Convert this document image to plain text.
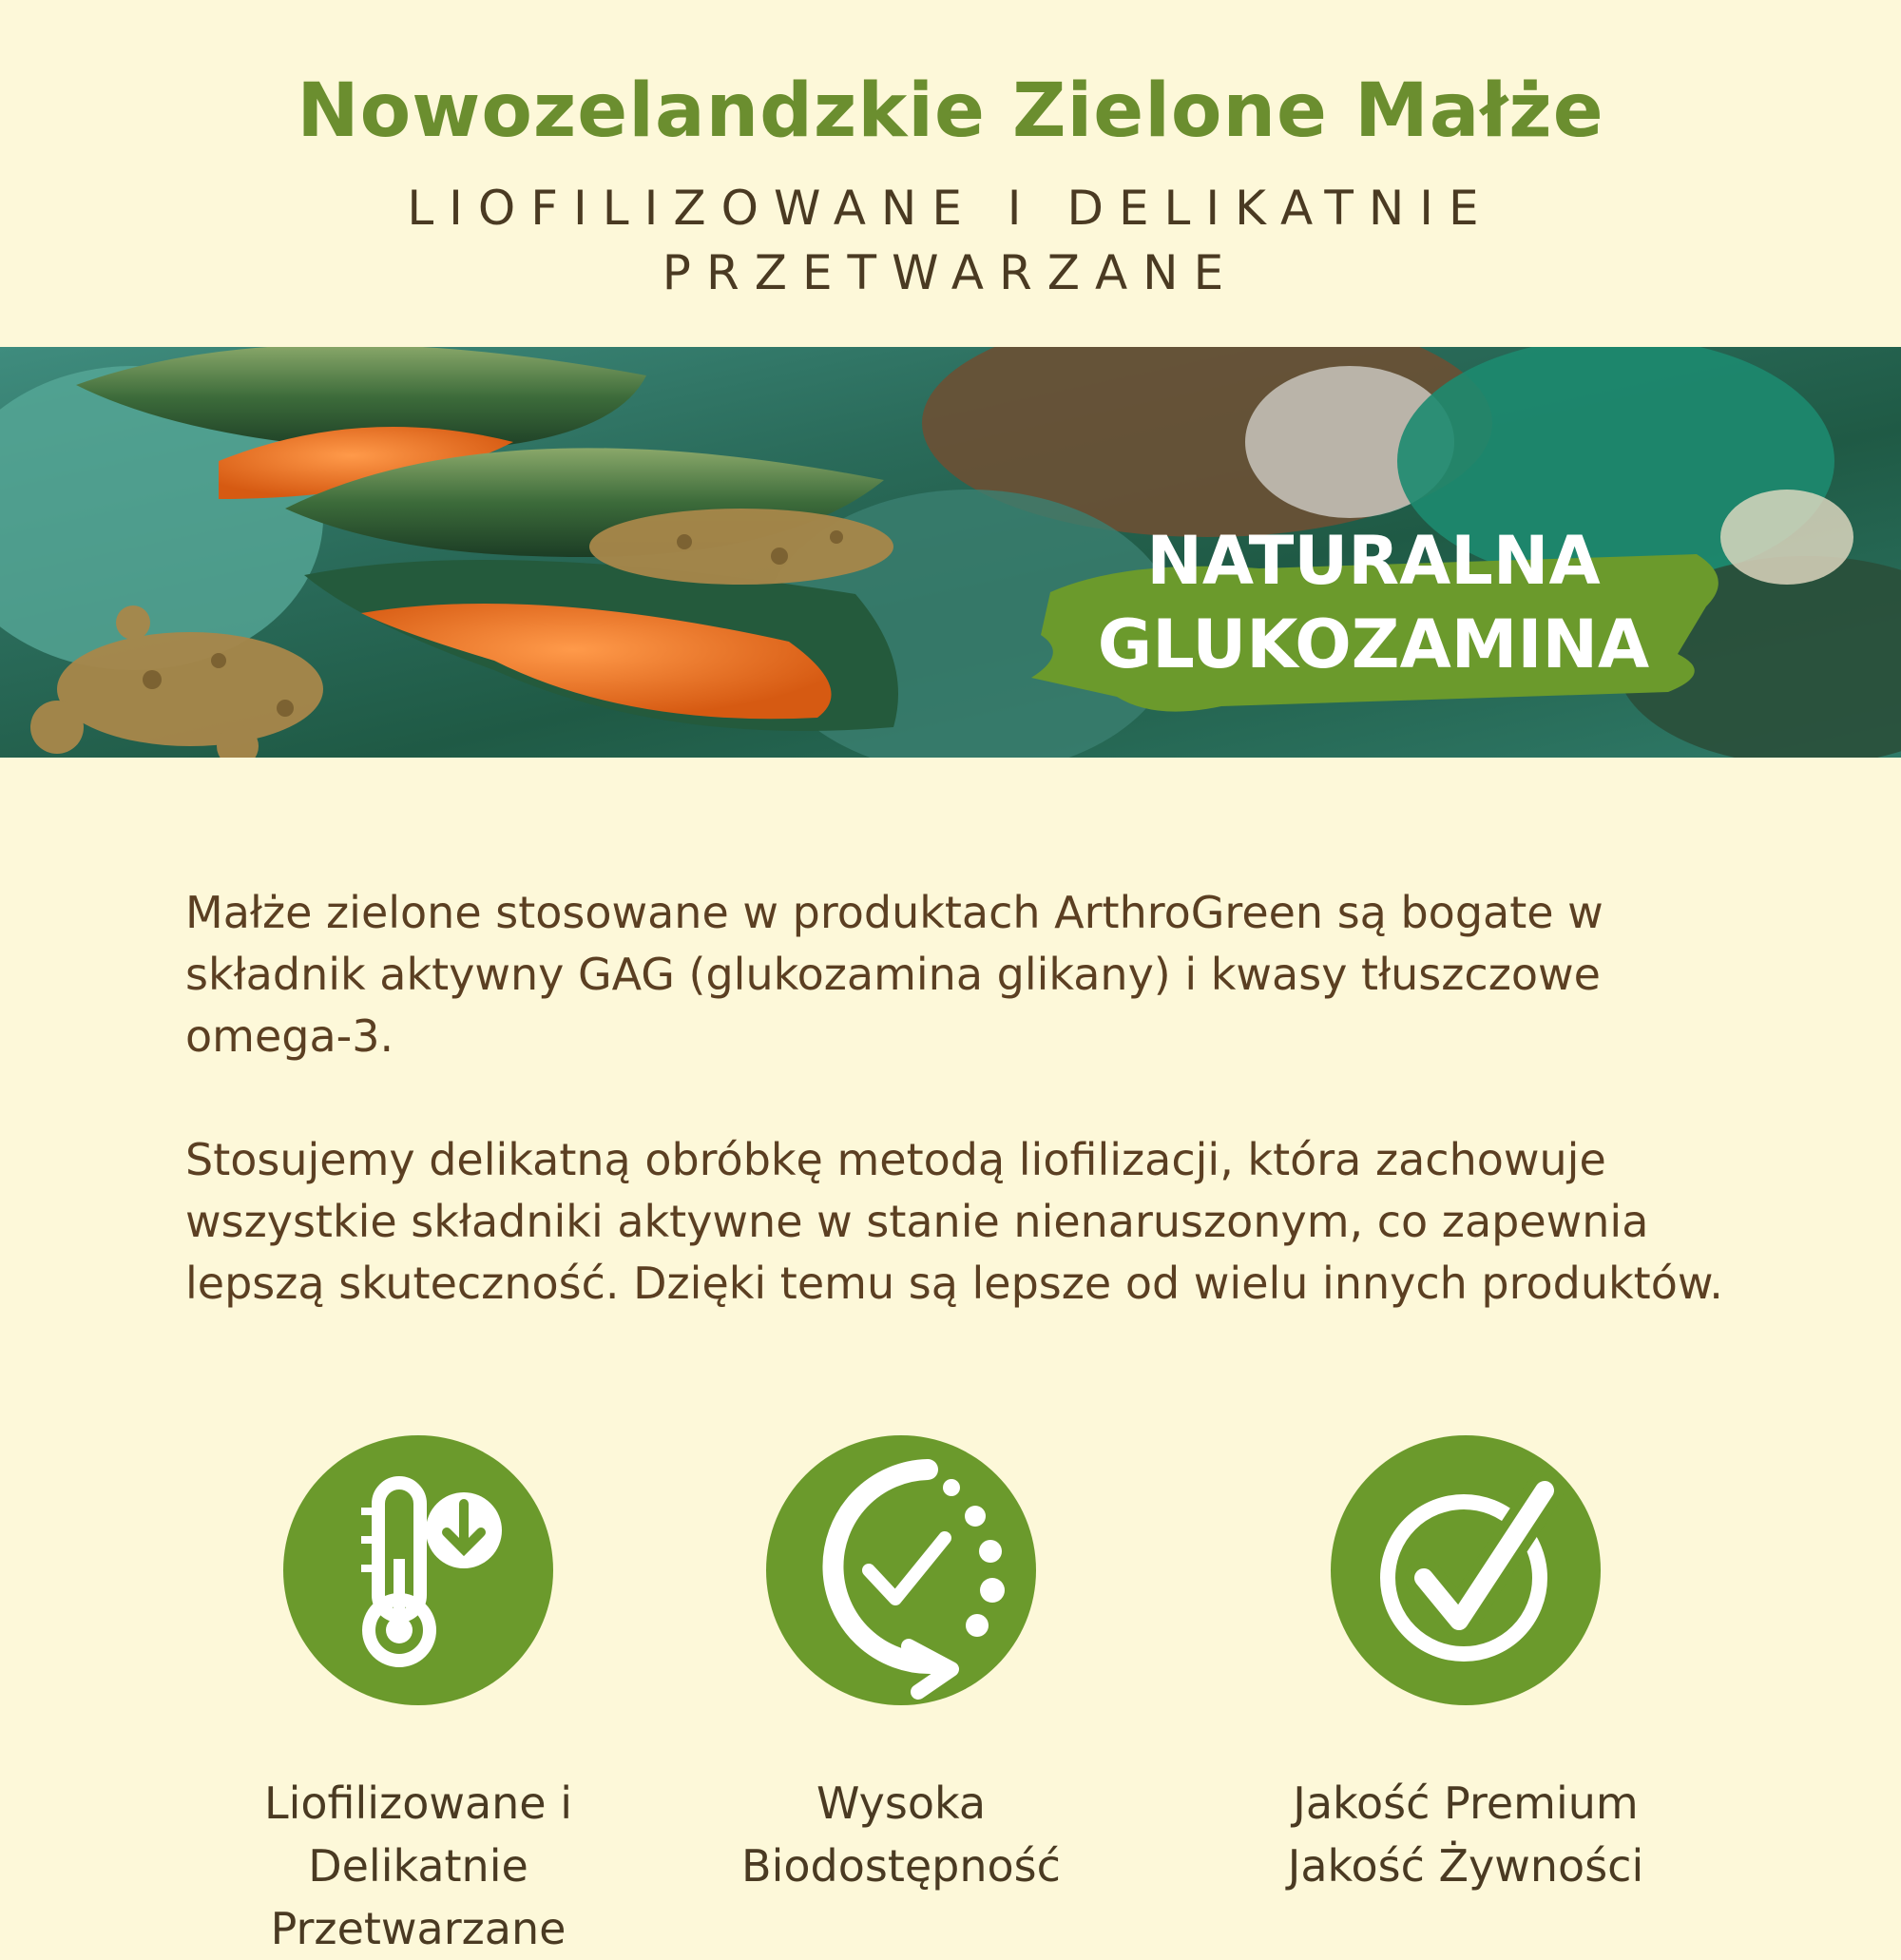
Nowozelandzkie Zielone Małże
LIOFILIZOWANE I DELIKATNIE PRZETWARZANE
NATURALNA
GLUKOZAMINA

Małże zielone stosowane w produktach ArthroGreen są bogate w składnik aktywny GAG (glukozamina glikany) i kwasy tłuszczowe omega-3.

Stosujemy delikatną obróbkę metodą liofilizacji, która zachowuje wszystkie składniki aktywne w stanie nienaruszonym, co zapewnia lepszą skuteczność. Dzięki temu są lepsze od wielu innych produktów.

Liofilizowane i Delikatnie Przetwarzane
Wysoka Biodostępność
Jakość Premium Jakość Żywności
